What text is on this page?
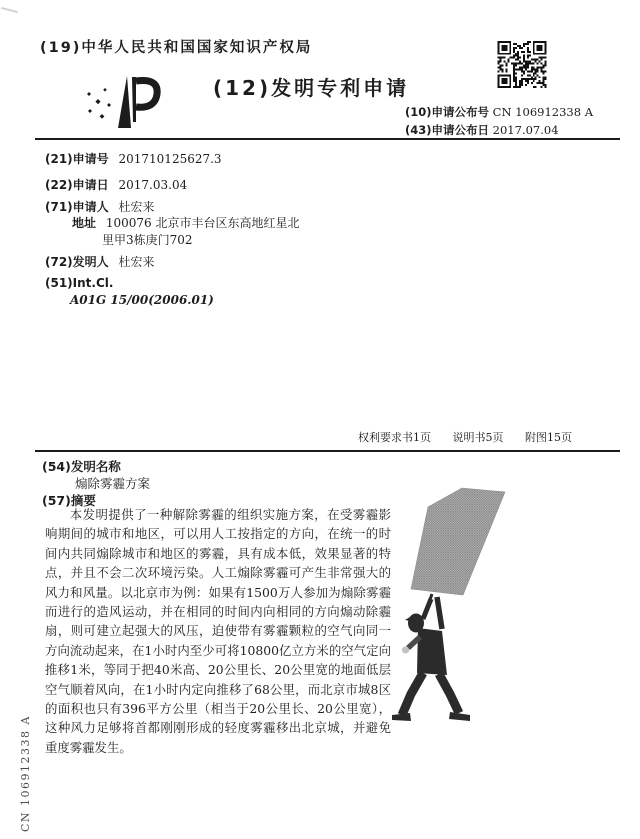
(19)中华人民共和国国家知识产权局
(12)发明专利申请
(10)申请公布号 CN 106912338 A
(43)申请公布日 2017.07.04
(21)申请号 201710125627.3
(22)申请日 2017.03.04
(71)申请人 杜宏来
地址 100076 北京市丰台区东高地红星北
里甲3栋庚门702
(72)发明人 杜宏来
(51)Int.Cl.
A01G 15/00(2006.01)
权利要求书1页 说明书5页 附图15页
(54)发明名称
煽除雾霾方案
(57)摘要
本发明提供了一种解除雾霾的组织实施方案，在受雾霾影响期间的城市和地区，可以用人工按指定的方向，在统一的时间内共同煽除城市和地区的雾霾，具有成本低，效果显著的特点，并且不会二次环境污染。人工煽除雾霾可产生非常强大的风力和风量。以北京市为例：如果有1500万人参加为煽除雾霾而进行的造风运动，并在相同的时间内向相同的方向煽动除霾扇，则可建立起强大的风压，迫使带有雾霾颗粒的空气向同一方向流动起来，在1小时内至少可将10800亿立方米的空气定向推移1米，等同于把40米高、20公里长、20公里宽的地面低层空气顺着风向，在1小时内定向推移了68公里，而北京市城8区的面积也只有396平方公里（相当于20公里长、20公里宽），这种风力足够将首都刚刚形成的轻度雾霾移出北京城，并避免重度雾霾发生。
CN 106912338 A
